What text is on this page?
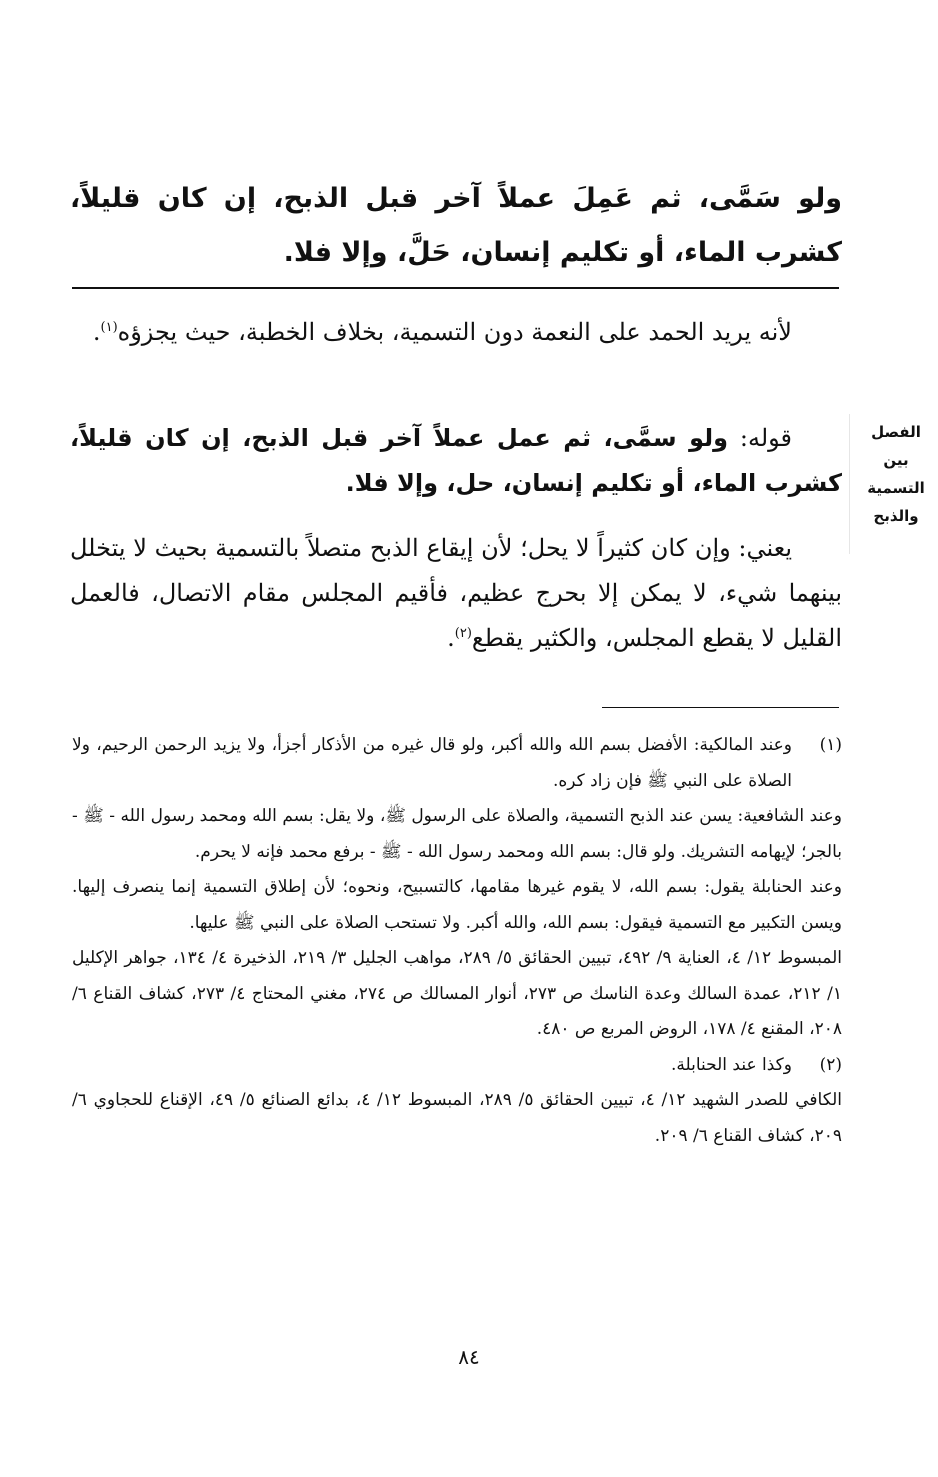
ولو سَمَّى، ثم عَمِلَ عملاً آخر قبل الذبح، إن كان قليلاً، كشرب الماء، أو تكليم إنسان، حَلَّ، وإلا فلا.
لأنه يريد الحمد على النعمة دون التسمية، بخلاف الخطبة، حيث يجزؤه$^{(١)}$.
قوله: ولو سمَّى، ثم عمل عملاً آخر قبل الذبح، إن كان قليلاً، كشرب الماء، أو تكليم إنسان، حل، وإلا فلا.
يعني: وإن كان كثيراً لا يحل؛ لأن إيقاع الذبح متصلاً بالتسمية بحيث لا يتخلل بينهما شيء، لا يمكن إلا بحرج عظيم، فأقيم المجلس مقام الاتصال، فالعمل القليل لا يقطع المجلس، والكثير يقطع$^{(٢)}$.
الفصل
بين
التسمية
والذبح
(١)
وعند المالكية: الأفضل بسم الله والله أكبر، ولو قال غيره من الأذكار أجزأ، ولا يزيد الرحمن الرحيم، ولا الصلاة على النبي ﷺ فإن زاد كره.
وعند الشافعية: يسن عند الذبح التسمية، والصلاة على الرسول ﷺ، ولا يقل: بسم الله ومحمد رسول الله - ﷺ - بالجر؛ لإيهامه التشريك. ولو قال: بسم الله ومحمد رسول الله - ﷺ - برفع محمد فإنه لا يحرم.
وعند الحنابلة يقول: بسم الله، لا يقوم غيرها مقامها، كالتسبيح، ونحوه؛ لأن إطلاق التسمية إنما ينصرف إليها. ويسن التكبير مع التسمية فيقول: بسم الله، والله أكبر. ولا تستحب الصلاة على النبي ﷺ عليها.
المبسوط ١٢/ ٤، العناية ٩/ ٤٩٢، تبيين الحقائق ٥/ ٢٨٩، مواهب الجليل ٣/ ٢١٩، الذخيرة ٤/ ١٣٤، جواهر الإكليل ١/ ٢١٢، عمدة السالك وعدة الناسك ص ٢٧٣، أنوار المسالك ص ٢٧٤، مغني المحتاج ٤/ ٢٧٣، كشاف القناع ٦/ ٢٠٨، المقنع ٤/ ١٧٨، الروض المربع ص ٤٨٠.
(٢)
وكذا عند الحنابلة.
الكافي للصدر الشهيد ١٢/ ٤، تبيين الحقائق ٥/ ٢٨٩، المبسوط ١٢/ ٤، بدائع الصنائع ٥/ ٤٩، الإقناع للحجاوي ٦/ ٢٠٩، كشاف القناع ٦/ ٢٠٩.
٨٤
